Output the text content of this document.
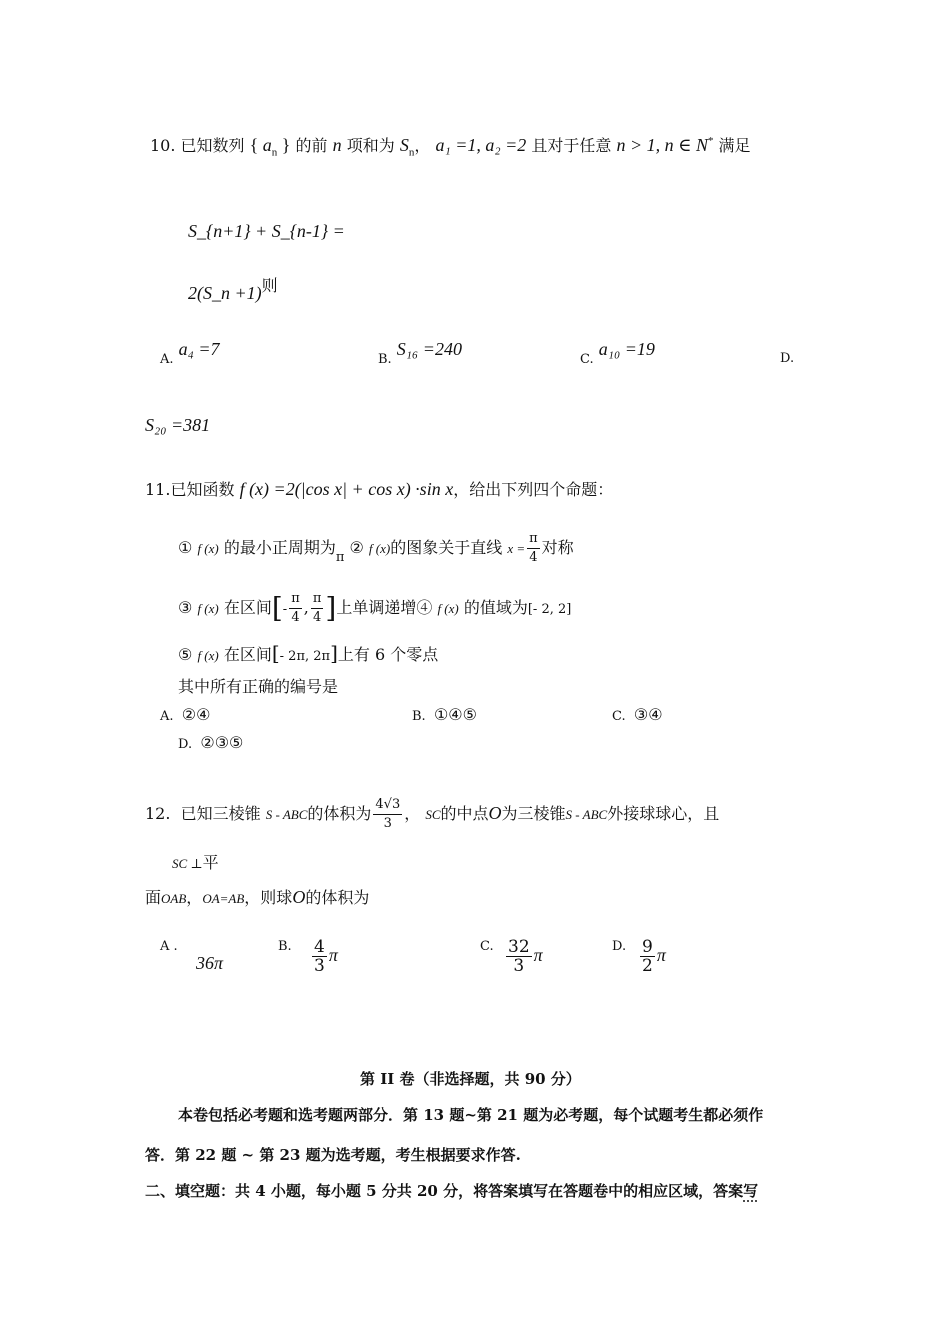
10. 已知数列 { $a_n$ } 的前 n 项和为 $S_n$， a₁ =1, a₂ =2 且对于任意 n > 1, n ∈ N* 满足
S_{n+1} + S_{n-1} =
2(S_n +1)则
$_{A.}$ a₄ =7
$_{B.}$ S₁₆ =240
$_{C.}$ a₁₀ =19	D.
S₂₀ =381
11.已知函数 f (x) =2(|cos x| + cos x) ·sin x，给出下列四个命题：
① f (x) 的最小正周期为$_\pi$ ② f (x)的图象关于直线 $x = \frac{\pi}{4}$ 对称
③ f (x) 在区间[- $\frac{\pi}{4}$ , $\frac{\pi}{4}$ ]上单调递增④ f (x) 的值域为[- 2, 2]
⑤ f (x) 在区间[- 2π, 2π]上有 6 个零点
其中所有正确的编号是
A. ②④	B. ①④⑤	C. ③④
D. ②③⑤
12. 已知三棱锥 S - ABC的体积为 $\frac{4√3}{3}$ ， SC的中点O为三棱锥S - ABC外接球球心，且
SC ⊥平
面OAB，OA=AB，则球O的体积为
A .
36π
B. $\frac{4}{3}$ π	C. $\frac{32}{3}$ π	D. $\frac{9}{2}$ π
第 II 卷（非选择题，共 90 分）
本卷包括必考题和选考题两部分．第 13 题~第 21 题为必考题，每个试题考生都必须作
答．第 22 题 ~ 第 23 题为选考题，考生根据要求作答.
二、填空题：共 4 小题，每小题 5 分共 20 分，将答案填写在答题卷中的相应区域，答案写
